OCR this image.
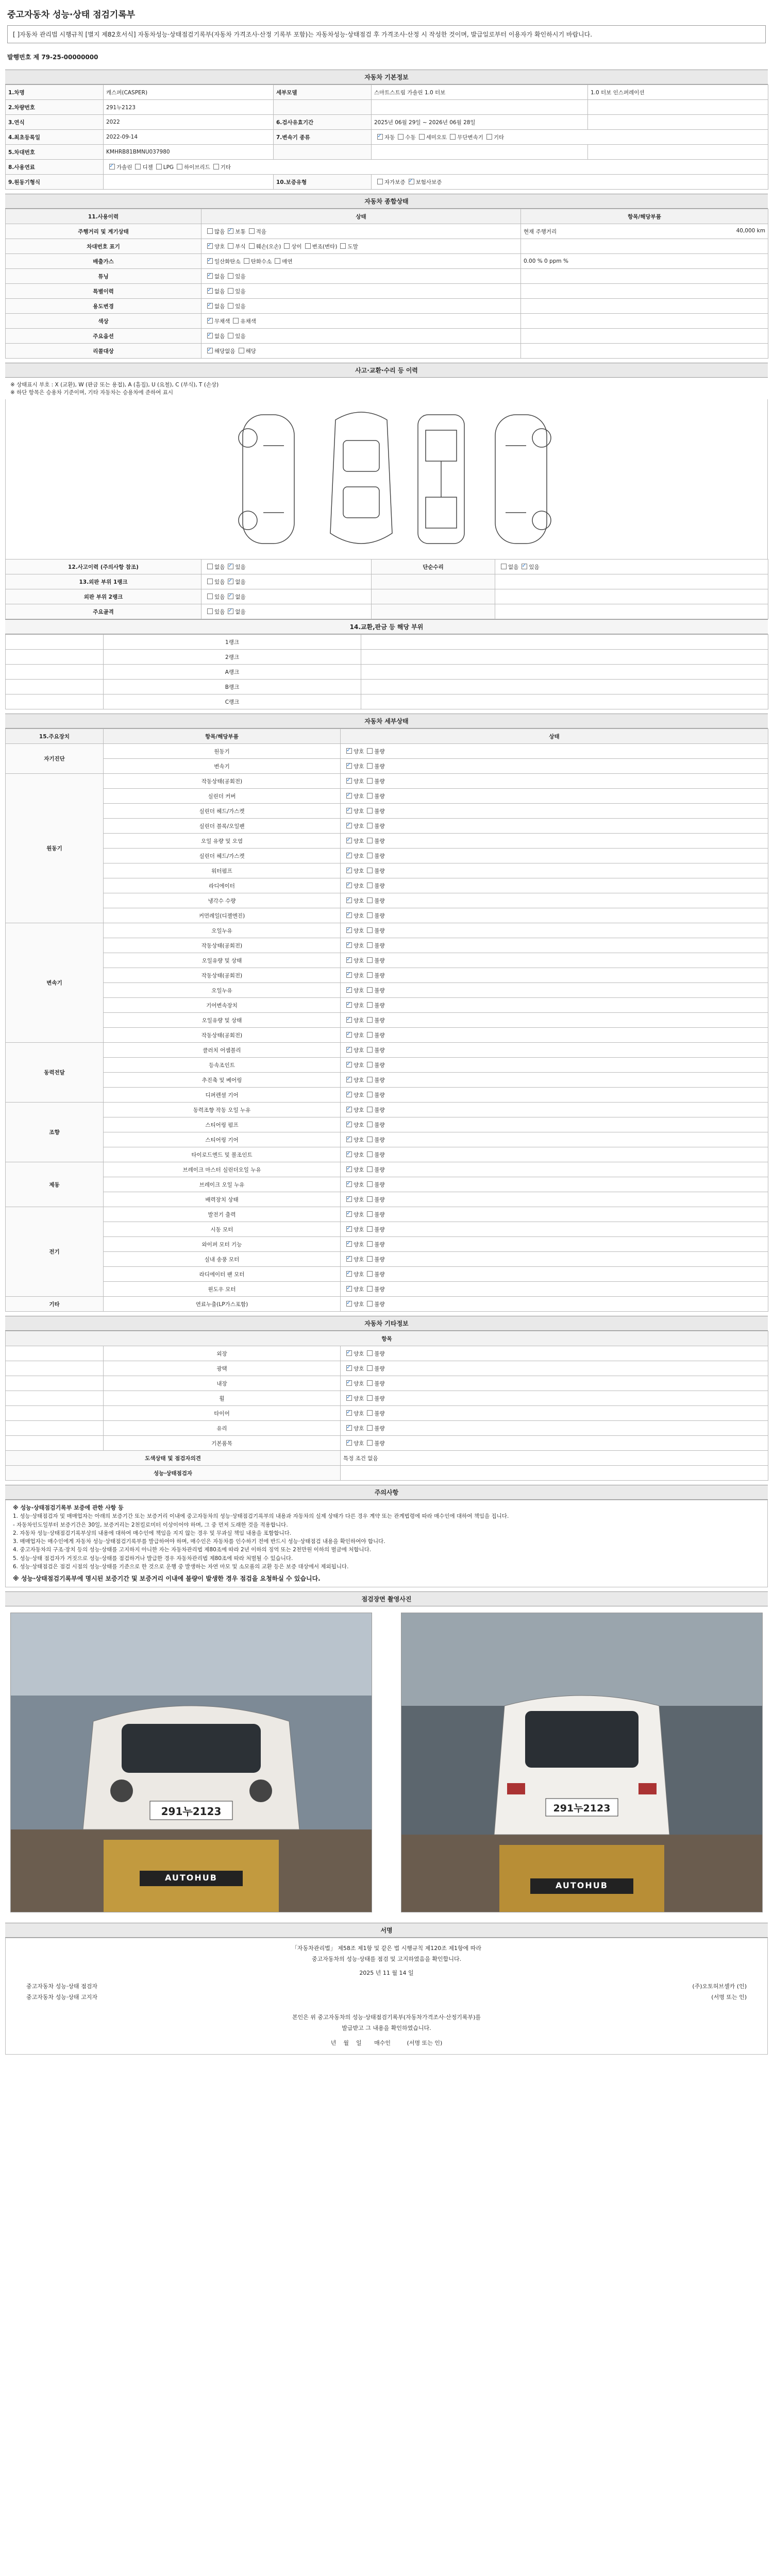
중고자동차 성능·상태 점검기록부
[ ]자동차 관리법 시행규칙 [별지 제82호서식] 자동차성능·상태점검기록부(자동차 가격조사·산정 기록부 포함)는 자동차성능·상태점검 후 가격조사·산정 시 작성한 것이며, 발급일로부터 이용자가 확인하시기 바랍니다.
발행번호 제 79-25-00000000
자동차 기본정보
1.차명	캐스퍼(CASPER)	세부모델	스마트스트림 가솔린 1.0 터보	1.0 터보 인스퍼레이션
2.차량번호	291누2123			
3.연식	2022	6.검사유효기간	2025년 06월 29일 ~ 2026년 06월 28일	
4.최초등록일	2022-09-14	7.변속기 종류	✓자동 수동 세미오토 무단변속기 기타
5.차대번호	KMHRB81BMNU037980			
8.사용연료	✓가솔린 디젤 LPG 하이브리드 기타
9.원동기형식		10.보증유형	자가보증 ✓ 보험사보증
자동차 종합상태
11.사용이력	상태	항목/해당부품
주행거리 및 계기상태	많음 ✓ 보통 적음	현재 주행거리 40,000 km

차대번호 표기	✓양호 부식 훼손(오손) 상이 변조(변타) 도말	

배출가스	✓일산화탄소 탄화수소 매연	0.00 % 0 ppm %

튜닝	✓없음 있음	

특별이력	✓없음 있음	

용도변경	✓없음 있음	

색상	✓무채색 유채색	

주요옵션	✓없음 있음	

리콜대상	✓해당없음 해당	
사고·교환·수리 등 이력
※ 상태표시 부호 : X (교환), W (판금 또는 용접), A (흠집), U (요철), C (부식), T (손상)
※ 하단 항목은 승용차 기준이며, 기타 자동차는 승용차에 준하여 표시
12.사고이력 (주의사항 참조)	없음 ✓ 있음	단순수리	없음 ✓ 있음
13.외판 부위 1랭크	있음 ✓ 없음		
외판 부위 2랭크	있음 ✓ 없음		
주요골격	있음 ✓ 없음		
14.교환,판금 등 해당 부위
	1랭크	
	2랭크	
	A랭크	
	B랭크	
	C랭크	
자동차 세부상태
15.주요장치	항목/해당부품	상태
자기진단	원동기	✓양호 불량
	변속기	✓양호 불량
원동기	작동상태(공회전)	✓양호 불량
	실린더 커버	✓양호 불량
	실린더 헤드/가스켓	✓양호 불량
	실린더 블록/오일팬	✓양호 불량
	오일 유량 및 오염	✓양호 불량
	실린더 헤드/가스켓	✓양호 불량
	워터펌프	✓양호 불량
	라디에이터	✓양호 불량
	냉각수 수량	✓양호 불량
	커먼레일(디젤엔진)	✓양호 불량
변속기	오일누유	✓양호 불량
	작동상태(공회전)	✓양호 불량
	오일유량 및 상태	✓양호 불량
	작동상태(공회전)	✓양호 불량
	오일누유	✓양호 불량
	기어변속장치	✓양호 불량
	오일유량 및 상태	✓양호 불량
	작동상태(공회전)	✓양호 불량
동력전달	클러치 어셈블리	✓양호 불량
	등속조인트	✓양호 불량
	추진축 및 베어링	✓양호 불량
	디퍼렌셜 기어	✓양호 불량
조향	동력조향 작동 오일 누유	✓양호 불량
	스티어링 펌프	✓양호 불량
	스티어링 기어	✓양호 불량
	타이로드엔드 및 볼조인트	✓양호 불량
제동	브레이크 마스터 실린더오일 누유	✓양호 불량
	브레이크 오일 누유	✓양호 불량
	배력장치 상태	✓양호 불량
전기	발전기 출력	✓양호 불량
	시동 모터	✓양호 불량
	와이퍼 모터 기능	✓양호 불량
	실내 송풍 모터	✓양호 불량
	라디에이터 팬 모터	✓양호 불량
	윈도우 모터	✓양호 불량
기타	연료누출(LP가스포함)	✓양호 불량
자동차 기타정보
항목		
	외장	✓양호 불량
	광택	✓양호 불량
	내장	✓양호 불량
	휠	✓양호 불량
	타이어	✓양호 불량
	유리	✓양호 불량
	기본품목	✓양호 불량
도색상태 및 점검자의견		특정 조건 없음
성능·상태점검자		
주의사항
※ 성능·상태점검기록부 보증에 관한 사항 등
1. 성능·상태점검자 및 매매업자는 아래의 보증기간 또는 보증거리 이내에 중고자동차의 성능·상태점검기록부의 내용과 자동차의 실제 상태가 다른 경우 계약 또는 관계법령에 따라 매수인에 대하여 책임을 집니다.
- 자동차인도일부터 보증기간은 30일, 보증거리는 2천킬로미터 이상이어야 하며, 그 중 먼저 도래한 것을 적용합니다.
2. 자동차 성능·상태점검기록부상의 내용에 대하여 매수인에 책임을 지지 않는 경우 및 무과실 책임 내용을 포함합니다.
3. 매매업자는 매수인에게 자동차 성능·상태점검기록부를 발급하여야 하며, 매수인은 자동차를 인수하기 전에 반드시 성능·상태점검 내용을 확인하여야 합니다.
4. 중고자동차의 구조·장치 등의 성능·상태를 고지하지 아니한 자는 자동차관리법 제80조에 따라 2년 이하의 징역 또는 2천만원 이하의 벌금에 처합니다.
5. 성능·상태 점검자가 거짓으로 성능·상태를 점검하거나 발급한 경우 자동차관리법 제80조에 따라 처벌될 수 있습니다.
6. 성능·상태점검은 점검 시점의 성능·상태를 기준으로 한 것으로 운행 중 발생하는 자연 마모 및 소모품의 교환 등은 보증 대상에서 제외됩니다.
※ 성능·상태점검기록부에 명시된 보증기간 및 보증거리 이내에 불량이 발생한 경우 점검을 요청하실 수 있습니다.
점검장면 촬영사진
291누2123
AUTOHUB
291누2123
AUTOHUB
서명
「자동차관리법」 제58조 제1항 및 같은 법 시행규칙 제120조 제1항에 따라
중고자동차의 성능·상태를 점검 및 고지하였음을 확인합니다.
2025 년 11 월 14 일
중고자동차 성능·상태 점검자	(주)오토허브셀카 (인)
중고자동차 성능·상태 고지자	(서명 또는 인)
본인은 위 중고자동차의 성능·상태점검기록부(자동차가격조사·산정기록부)를
발급받고 그 내용을 확인하였습니다.
년 월 일 매수인	(서명 또는 인)
